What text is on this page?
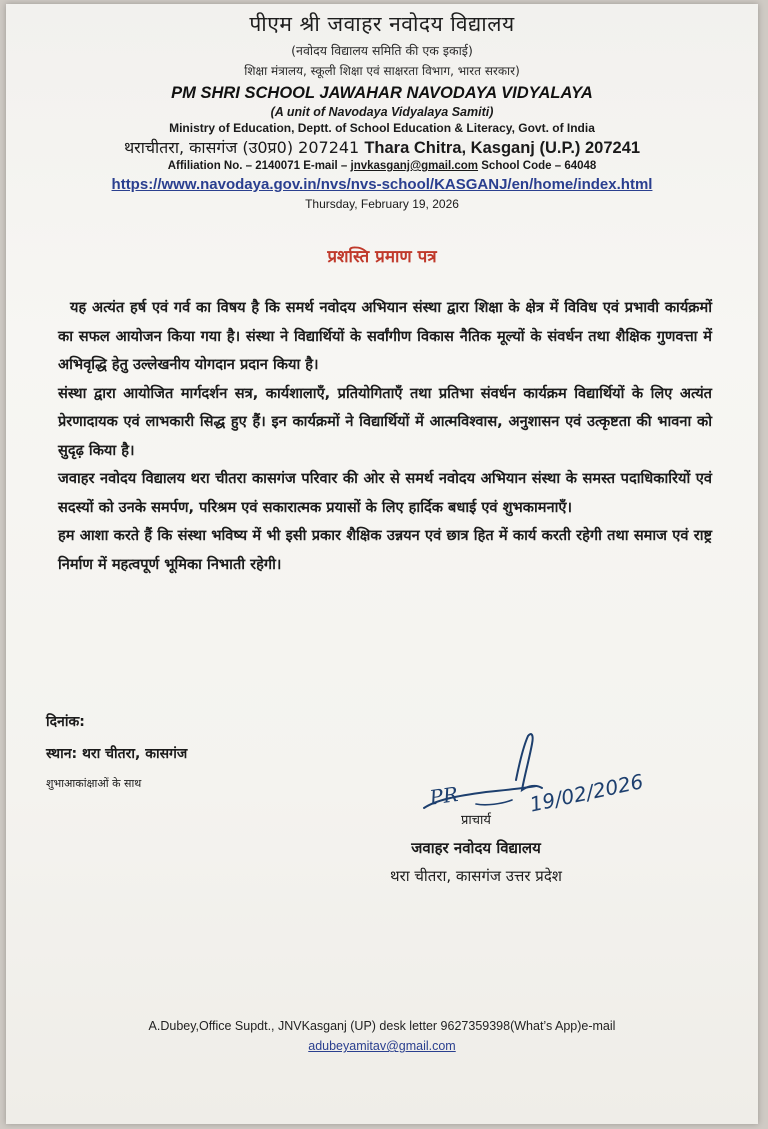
पीएम श्री जवाहर नवोदय विद्यालय
(नवोदय विद्यालय समिति की एक इकाई)
शिक्षा मंत्रालय, स्कूली शिक्षा एवं साक्षरता विभाग, भारत सरकार)
PM SHRI SCHOOL JAWAHAR NAVODAYA VIDYALAYA
(A unit of Navodaya Vidyalaya Samiti)
Ministry of Education, Deptt. of School Education & Literacy, Govt. of India
थराचीतरा, कासगंज (उ0प्र0) 207241 Thara Chitra, Kasganj (U.P.) 207241
Affiliation No. – 2140071 E-mail – jnvkasganj@gmail.com School Code – 64048
https://www.navodaya.gov.in/nvs/nvs-school/KASGANJ/en/home/index.html
Thursday, February 19, 2026
प्रशस्ति प्रमाण पत्र

यह अत्यंत हर्ष एवं गर्व का विषय है कि समर्थ नवोदय अभियान संस्था द्वारा शिक्षा के क्षेत्र में विविध एवं प्रभावी कार्यक्रमों का सफल आयोजन किया गया है। संस्था ने विद्यार्थियों के सर्वांगीण विकास नैतिक मूल्यों के संवर्धन तथा शैक्षिक गुणवत्ता में अभिवृद्धि हेतु उल्लेखनीय योगदान प्रदान किया है।

संस्था द्वारा आयोजित मार्गदर्शन सत्र, कार्यशालाएँ, प्रतियोगिताएँ तथा प्रतिभा संवर्धन कार्यक्रम विद्यार्थियों के लिए अत्यंत प्रेरणादायक एवं लाभकारी सिद्ध हुए हैं। इन कार्यक्रमों ने विद्यार्थियों में आत्मविश्वास, अनुशासन एवं उत्कृष्टता की भावना को सुदृढ़ किया है।

जवाहर नवोदय विद्यालय थरा चीतरा कासगंज परिवार की ओर से समर्थ नवोदय अभियान संस्था के समस्त पदाधिकारियों एवं सदस्यों को उनके समर्पण, परिश्रम एवं सकारात्मक प्रयासों के लिए हार्दिक बधाई एवं शुभकामनाएँ।

हम आशा करते हैं कि संस्था भविष्य में भी इसी प्रकार शैक्षिक उन्नयन एवं छात्र हित में कार्य करती रहेगी तथा समाज एवं राष्ट्र निर्माण में महत्वपूर्ण भूमिका निभाती रहेगी।

दिनांक:
स्थान: थरा चीतरा, कासगंज
शुभाआकांक्षाओं के साथ	PR	19/02/2026
प्राचार्य
जवाहर नवोदय विद्यालय
थरा चीतरा, कासगंज उत्तर प्रदेश
A.Dubey,Office Supdt., JNVKasganj (UP) desk letter 9627359398(What’s App)e-mail
adubeyamitav@gmail.com
